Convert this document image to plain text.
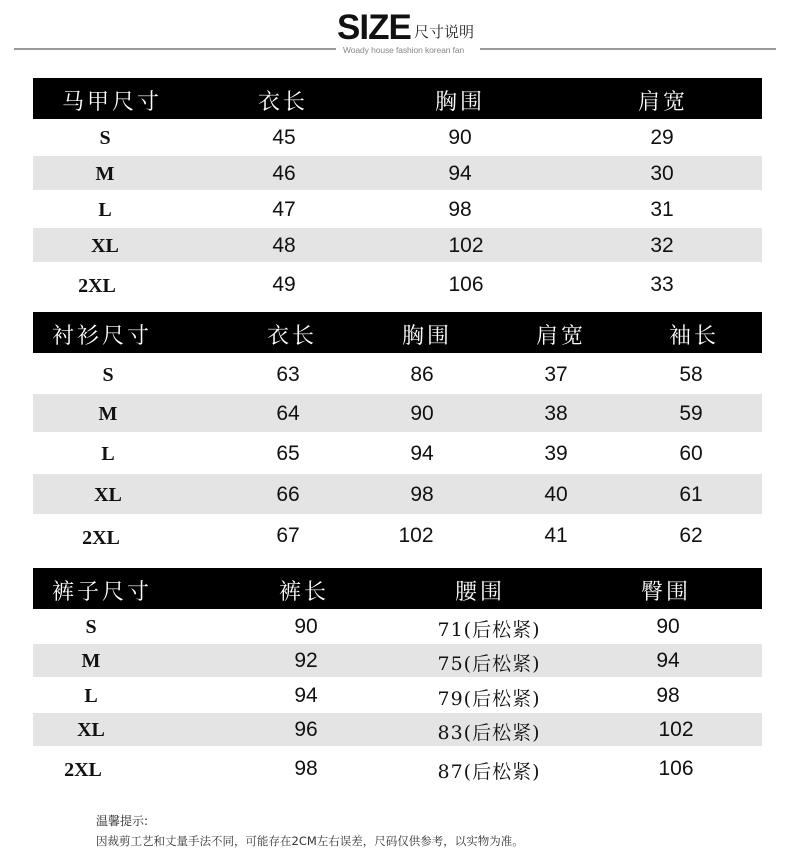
SIZE 尺寸说明
Woady house fashion korean fan
马甲尺寸	衣长	胸围	肩宽
S	45	90	29
M	46	94	30
L	47	98	31
XL	48	102	32
2XL	49	106	33
衬衫尺寸	衣长	胸围	肩宽	袖长
S	63	86	37	58
M	64	90	38	59
L	65	94	39	60
XL	66	98	40	61
2XL	67	102	41	62
裤子尺寸	裤长	腰围	臀围
S	90	71(后松紧)	90
M	92	75(后松紧)	94
L	94	79(后松紧)	98
XL	96	83(后松紧)	102
2XL	98	87(后松紧)	106
温馨提示:
因裁剪工艺和丈量手法不同，可能存在2CM左右误差，尺码仅供参考，以实物为准。
